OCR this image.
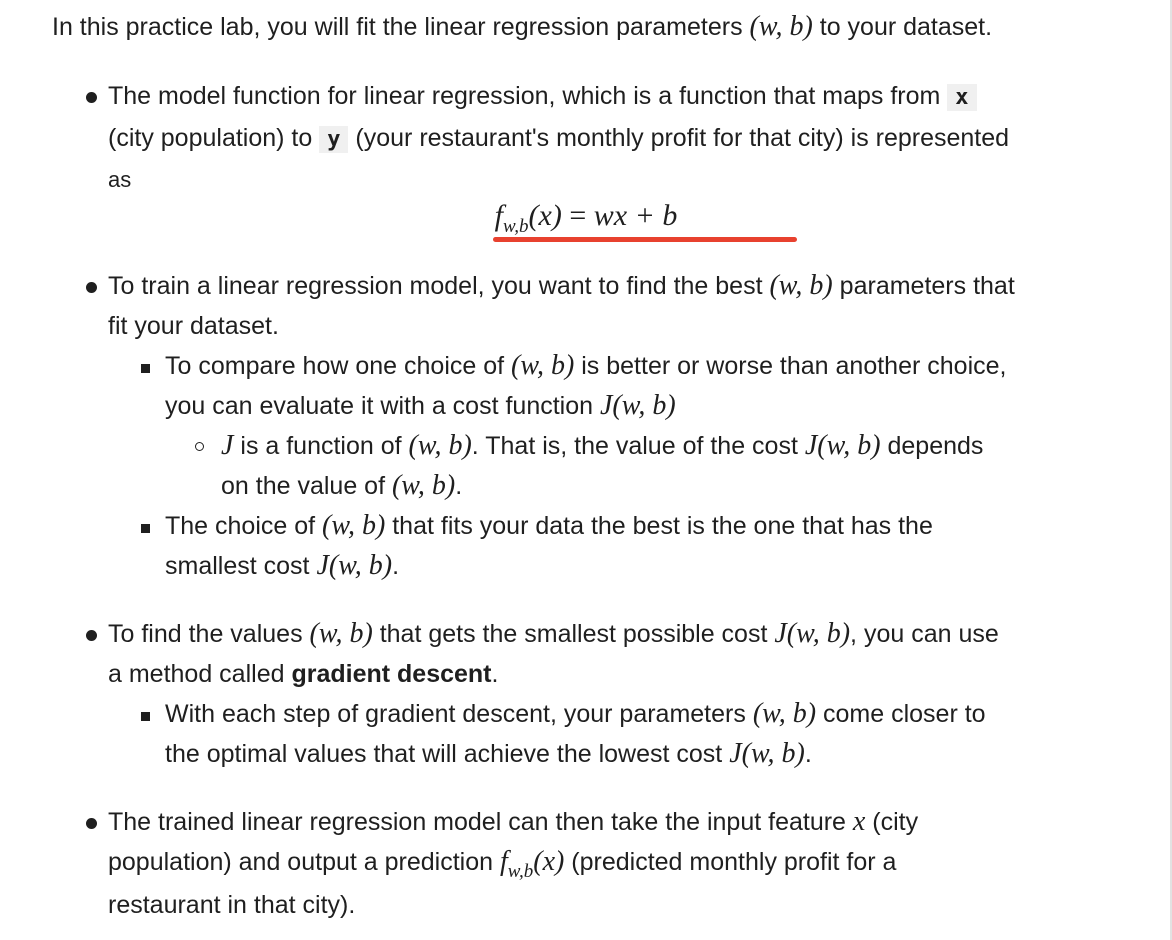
In this practice lab, you will fit the linear regression parameters (w, b) to your dataset.

The model function for linear regression, which is a function that maps from x
(city population) to y (your restaurant's monthly profit for that city) is represented
as
$f_{w,b}(x)$ = wx + b
To train a linear regression model, you want to find the best (w, b) parameters that
fit your dataset.
To compare how one choice of (w, b) is better or worse than another choice,
you can evaluate it with a cost function J(w, b)
J is a function of (w, b). That is, the value of the cost J(w, b) depends
on the value of (w, b).
The choice of (w, b) that fits your data the best is the one that has the
smallest cost J(w, b).
To find the values (w, b) that gets the smallest possible cost J(w, b), you can use
a method called gradient descent.
With each step of gradient descent, your parameters (w, b) come closer to
the optimal values that will achieve the lowest cost J(w, b).
The trained linear regression model can then take the input feature x (city
population) and output a prediction $f_{w,b}(x)$ (predicted monthly profit for a
restaurant in that city).
